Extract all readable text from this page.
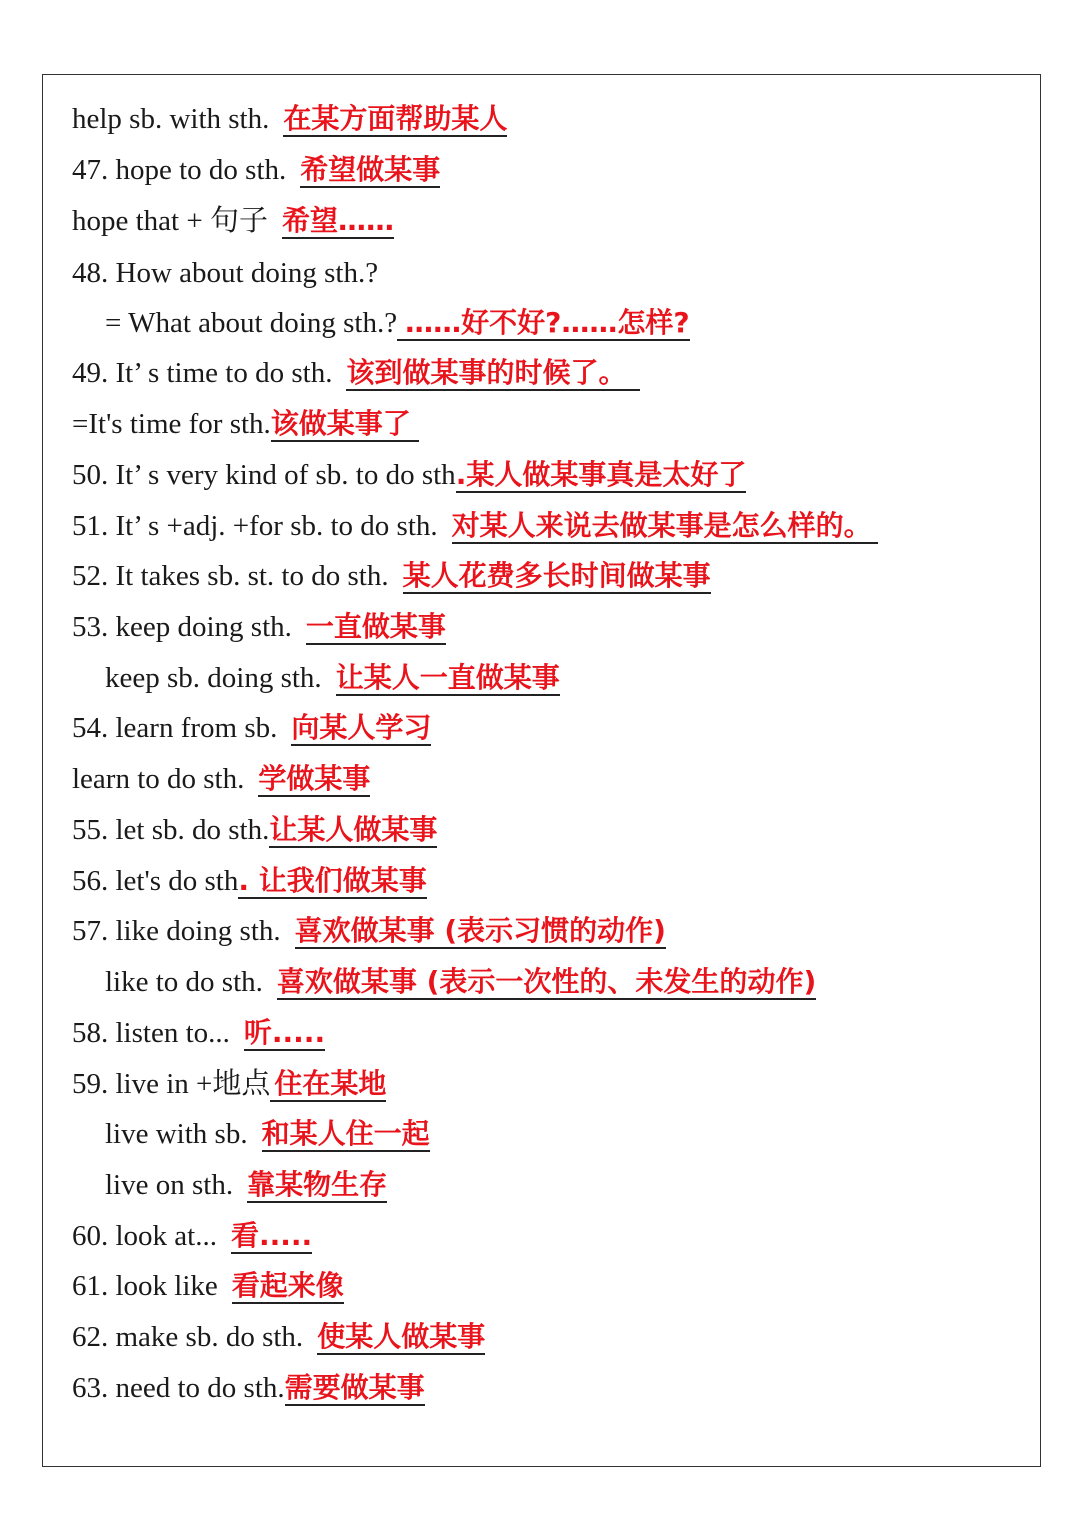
help sb. with sth. 在某方面帮助某人
47. hope to do sth. 希望做某事
hope that + 句子 希望……
48. How about doing sth.?
= What about doing sth.? ……好不好?……怎样?
49. It’ s time to do sth. 该到做某事的时候了。
=It's time for sth.该做某事了
50. It’ s very kind of sb. to do sth.某人做某事真是太好了
51. It’ s +adj. +for sb. to do sth. 对某人来说去做某事是怎么样的。
52. It takes sb. st. to do sth. 某人花费多长时间做某事
53. keep doing sth. 一直做某事
keep sb. doing sth. 让某人一直做某事
54. learn from sb. 向某人学习
learn to do sth. 学做某事
55. let sb. do sth.让某人做某事
56. let's do sth. 让我们做某事
57. like doing sth. 喜欢做某事 (表示习惯的动作)
like to do sth. 喜欢做某事 (表示一次性的、未发生的动作)
58. listen to... 听.....
59. live in +地点住在某地
live with sb. 和某人住一起
live on sth. 靠某物生存
60. look at... 看.....
61. look like 看起来像
62. make sb. do sth. 使某人做某事
63. need to do sth.需要做某事
